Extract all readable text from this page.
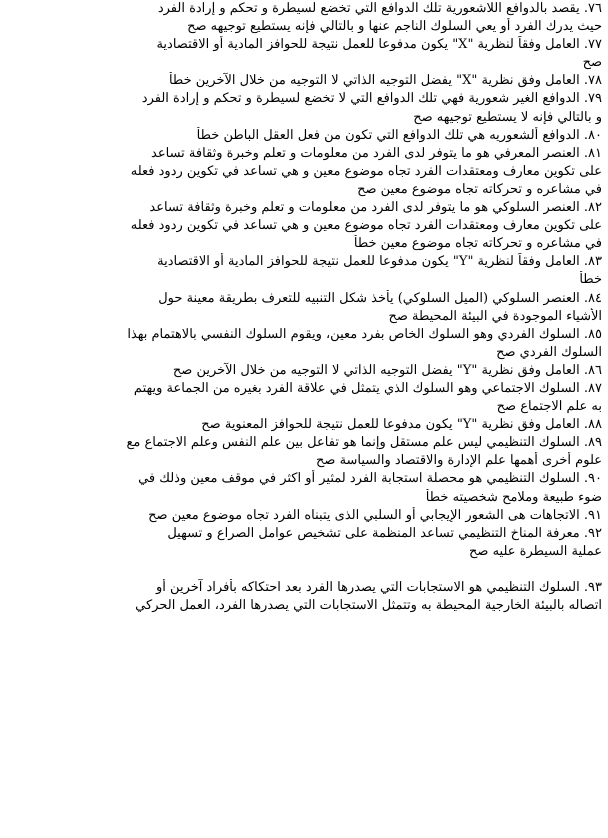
٧٦. يقصد بالدوافع اللاشعورية تلك الدوافع التي تخضع لسيطرة و تحكم و إرادة الفرد
حيث يدرك الفرد أو يعي السلوك الناجم عنها و بالتالي فإنه يستطيع توجيهه صح
٧٧. العامل وفقاً لنظرية "X" يكون مدفوعا للعمل نتيجة للحوافز المادية أو الاقتصادية
صح
٧٨. العامل وفق نظرية "X" يفضل التوجيه الذاتي لا التوجيه من خلال الآخرين خطأ
٧٩. الدوافع الغير شعورية فهي تلك الدوافع التي لا تخضع لسيطرة و تحكم و إرادة الفرد
و بالتالي فإنه لا يستطيع توجيهه صح
٨٠. الدوافع ألشعوريه هي تلك الدوافع التي تكون من فعل العقل الباطن خطأ
٨١. العنصر المعرفي هو ما يتوفر لدى الفرد من معلومات و تعلم وخبرة وثقافة تساعد
على تكوين معارف ومعتقدات الفرد تجاه موضوع معين و هي تساعد في تكوين ردود فعله
في مشاعره و تحركاته تجاه موضوع معين صح
٨٢. العنصر السلوكي هو ما يتوفر لدى الفرد من معلومات و تعلم وخبرة وثقافة تساعد
على تكوين معارف ومعتقدات الفرد تجاه موضوع معين و هي تساعد في تكوين ردود فعله
في مشاعره و تحركاته تجاه موضوع معين خطأ
٨٣. العامل وفقاً لنظرية "Y" يكون مدفوعا للعمل نتيجة للحوافز المادية أو الاقتصادية
خطأ
٨٤. العنصر السلوكي (الميل السلوكي) يأخذ شكل التنبيه للتعرف بطريقة معينة حول
الأشياء الموجودة في البيئة المحيطة صح
٨٥. السلوك الفردي وهو السلوك الخاص بفرد معين، ويقوم السلوك النفسي بالاهتمام بهذا
السلوك الفردي صح
٨٦. العامل وفق نظرية "Y" يفضل التوجيه الذاتي لا التوجيه من خلال الآخرين صح
٨٧. السلوك الاجتماعي وهو السلوك الذي يتمثل في علاقة الفرد بغيره من الجماعة ويهتم
به علم الاجتماع صح
٨٨. العامل وفق نظرية "Y" يكون مدفوعا للعمل نتيجة للحوافز المعنوية صح
٨٩. السلوك التنظيمي ليس علم مستقل وإنما هو تفاعل بين علم النفس وعلم الاجتماع مع
علوم أخرى أهمها علم الإدارة والاقتصاد والسياسة صح
٩٠. السلوك التنظيمي هو محصلة استجابة الفرد لمثير أو اكثر في موقف معين وذلك في
ضوء طبيعة وملامح شخصيته خطأ
٩١. الاتجاهات هى الشعور الإيجابي أو السلبي الذى يتبناه الفرد تجاه موضوع معين صح
٩٢. معرفة المناخ التنظيمي تساعد المنظمة على تشخيص عوامل الصراع و تسهيل
عملية السيطرة عليه صح
٩٣. السلوك التنظيمي هو الاستجابات التي يصدرها الفرد بعد احتكاكه بأفراد آخرين أو
اتصاله بالبيئة الخارجية المحيطة به وتتمثل الاستجابات التي يصدرها الفرد، العمل الحركي
